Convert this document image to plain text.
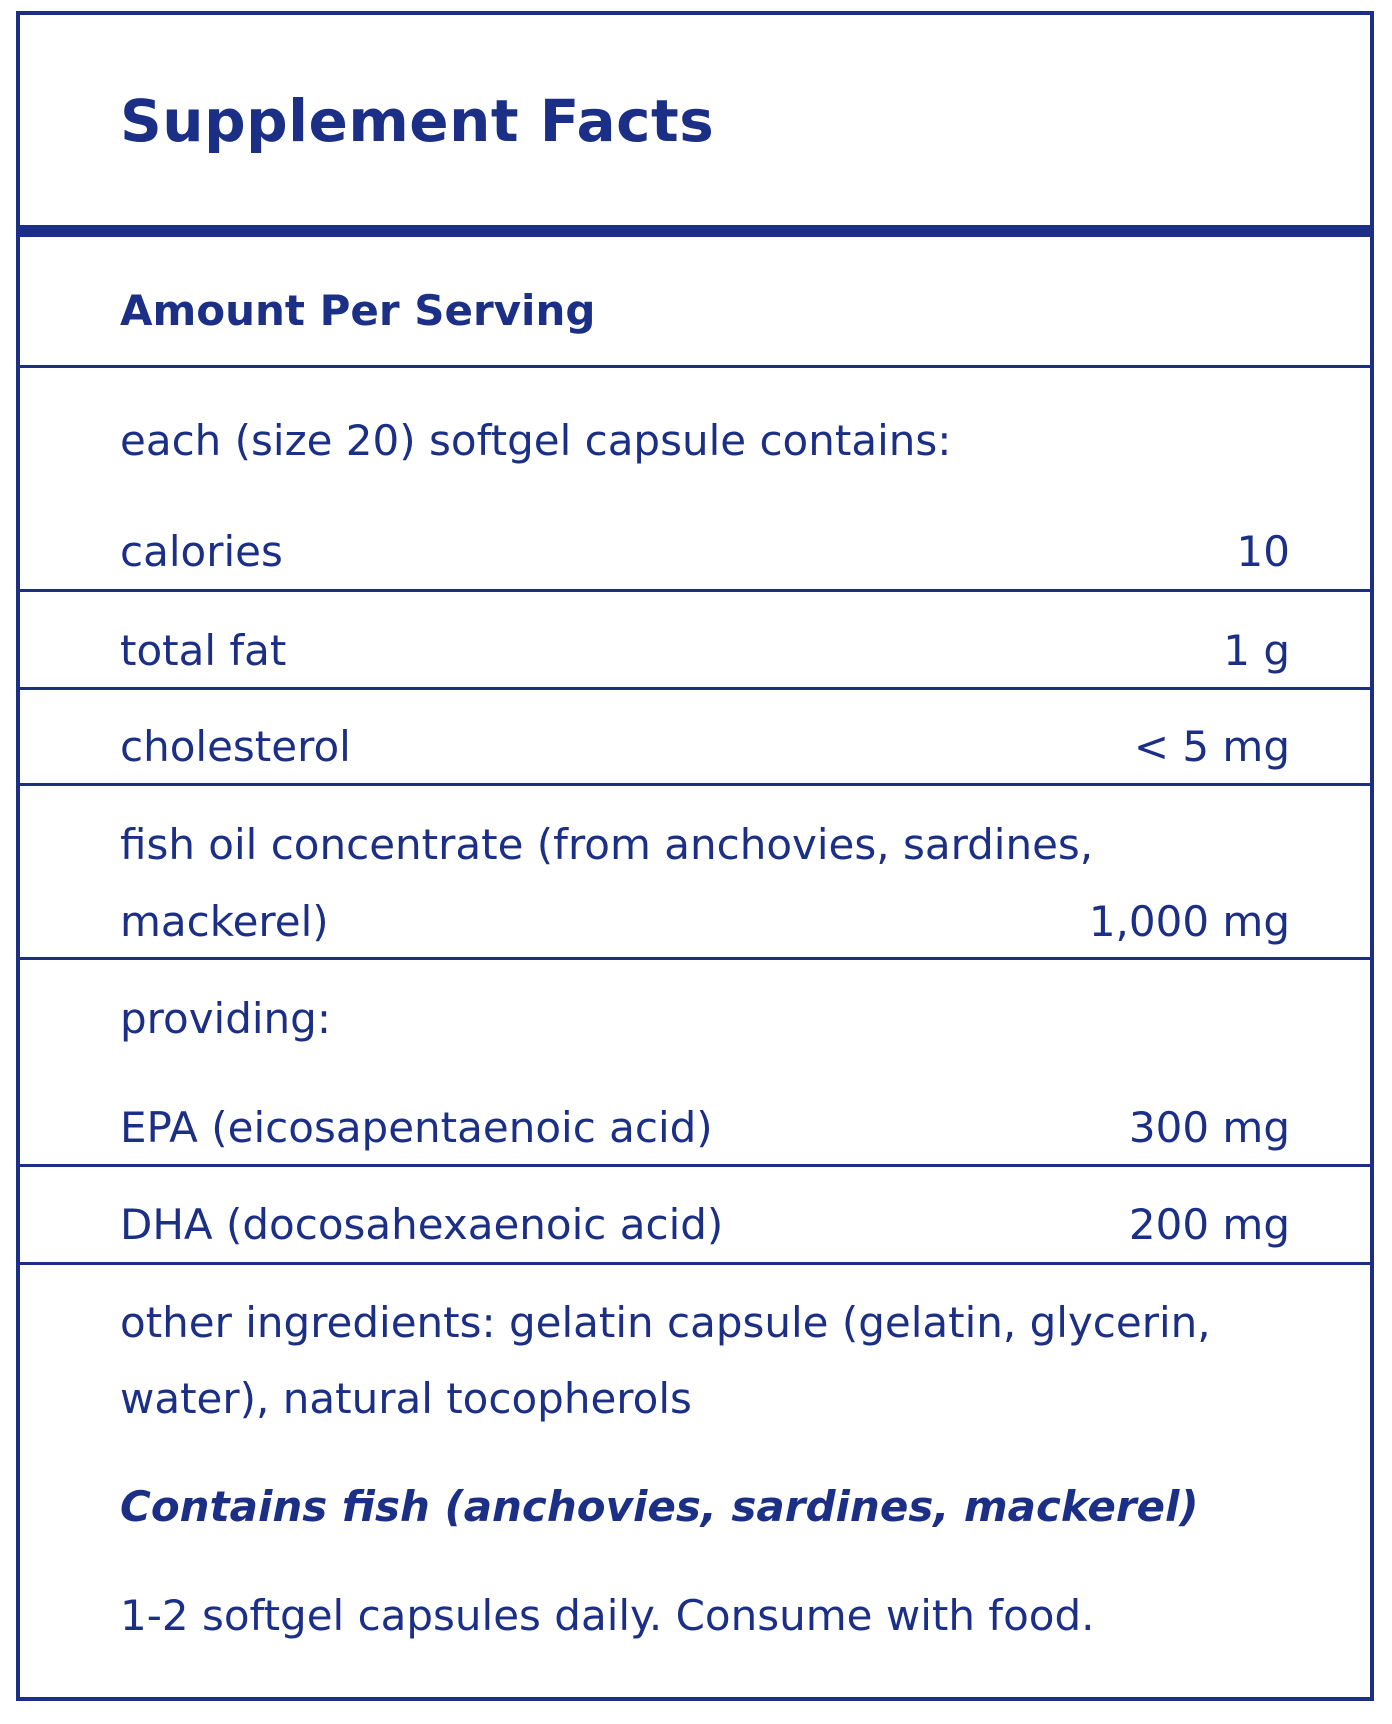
Supplement Facts
Amount Per Serving
each (size 20) softgel capsule contains:
calories	10
total fat	1 g
cholesterol	< 5 mg
fish oil concentrate (from anchovies, sardines,
mackerel)	1,000 mg
providing:
EPA (eicosapentaenoic acid)	300 mg
DHA (docosahexaenoic acid)	200 mg
other ingredients: gelatin capsule (gelatin, glycerin,
water), natural tocopherols
Contains fish (anchovies, sardines, mackerel)
1-2 softgel capsules daily. Consume with food.
